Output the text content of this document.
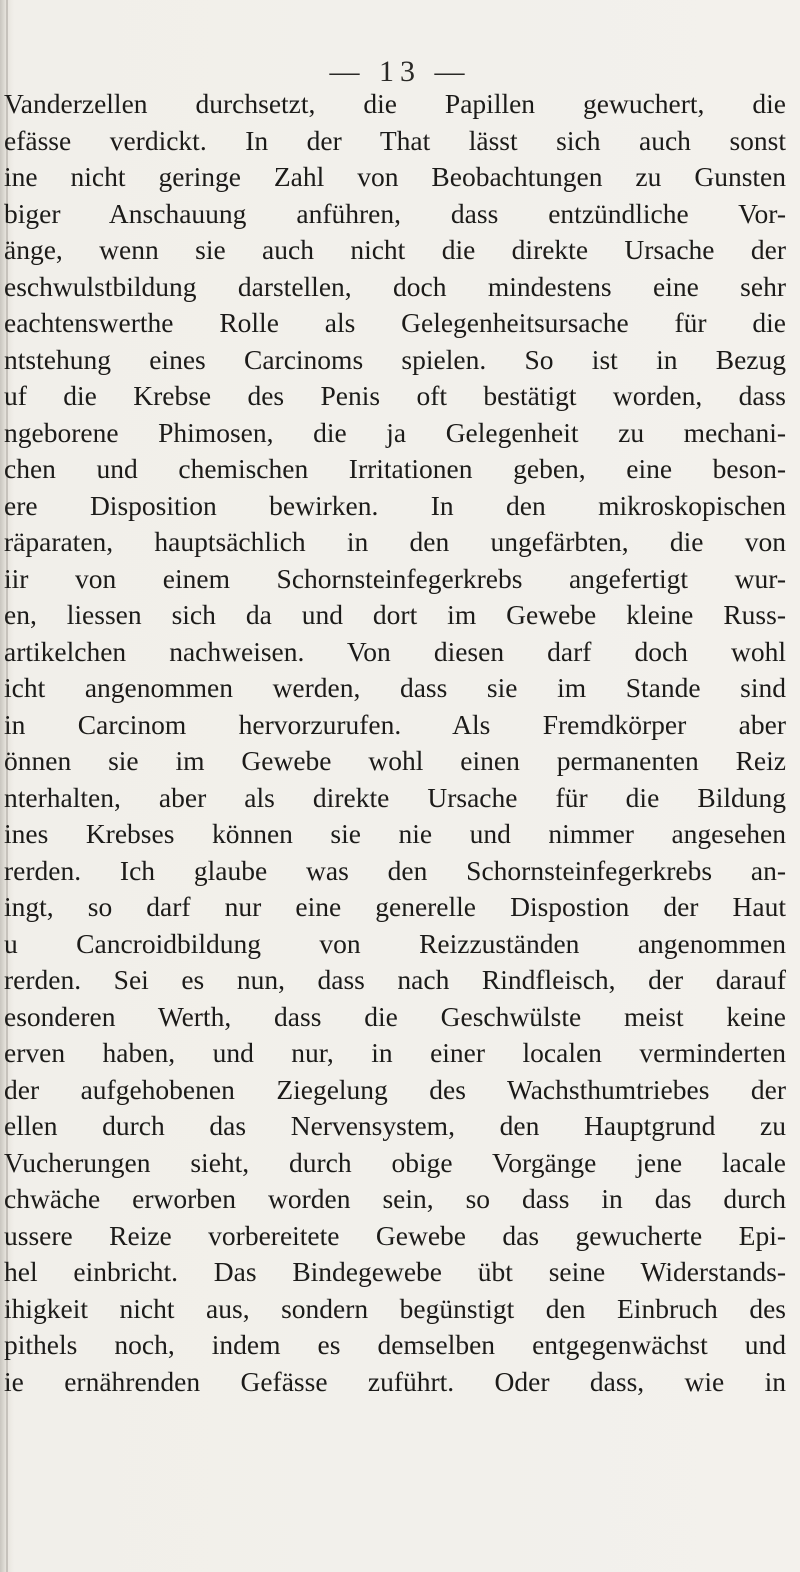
— 13 —
Vanderzellen durchsetzt, die Papillen gewuchert, die
efässe verdickt. In der That lässt sich auch sonst
ine nicht geringe Zahl von Beobachtungen zu Gunsten
biger Anschauung anführen, dass entzündliche Vor-
änge, wenn sie auch nicht die direkte Ursache der
eschwulstbildung darstellen, doch mindestens eine sehr
eachtenswerthe Rolle als Gelegenheitsursache für die
ntstehung eines Carcinoms spielen. So ist in Bezug
uf die Krebse des Penis oft bestätigt worden, dass
ngeborene Phimosen, die ja Gelegenheit zu mechani-
chen und chemischen Irritationen geben, eine beson-
ere Disposition bewirken. In den mikroskopischen
räparaten, hauptsächlich in den ungefärbten, die von
iir von einem Schornsteinfegerkrebs angefertigt wur-
en, liessen sich da und dort im Gewebe kleine Russ-
artikelchen nachweisen. Von diesen darf doch wohl
icht angenommen werden, dass sie im Stande sind
in Carcinom hervorzurufen. Als Fremdkörper aber
önnen sie im Gewebe wohl einen permanenten Reiz
nterhalten, aber als direkte Ursache für die Bildung
ines Krebses können sie nie und nimmer angesehen
rerden. Ich glaube was den Schornsteinfegerkrebs an-
ingt, so darf nur eine generelle Dispostion der Haut
u Cancroidbildung von Reizzuständen angenommen
rerden. Sei es nun, dass nach Rindfleisch, der darauf
esonderen Werth, dass die Geschwülste meist keine
erven haben, und nur, in einer localen verminderten
der aufgehobenen Ziegelung des Wachsthumtriebes der
ellen durch das Nervensystem, den Hauptgrund zu
Vucherungen sieht, durch obige Vorgänge jene lacale
chwäche erworben worden sein, so dass in das durch
ussere Reize vorbereitete Gewebe das gewucherte Epi-
hel einbricht. Das Bindegewebe übt seine Widerstands-
ihigkeit nicht aus, sondern begünstigt den Einbruch des
pithels noch, indem es demselben entgegenwächst und
ie ernährenden Gefässe zuführt. Oder dass, wie in
